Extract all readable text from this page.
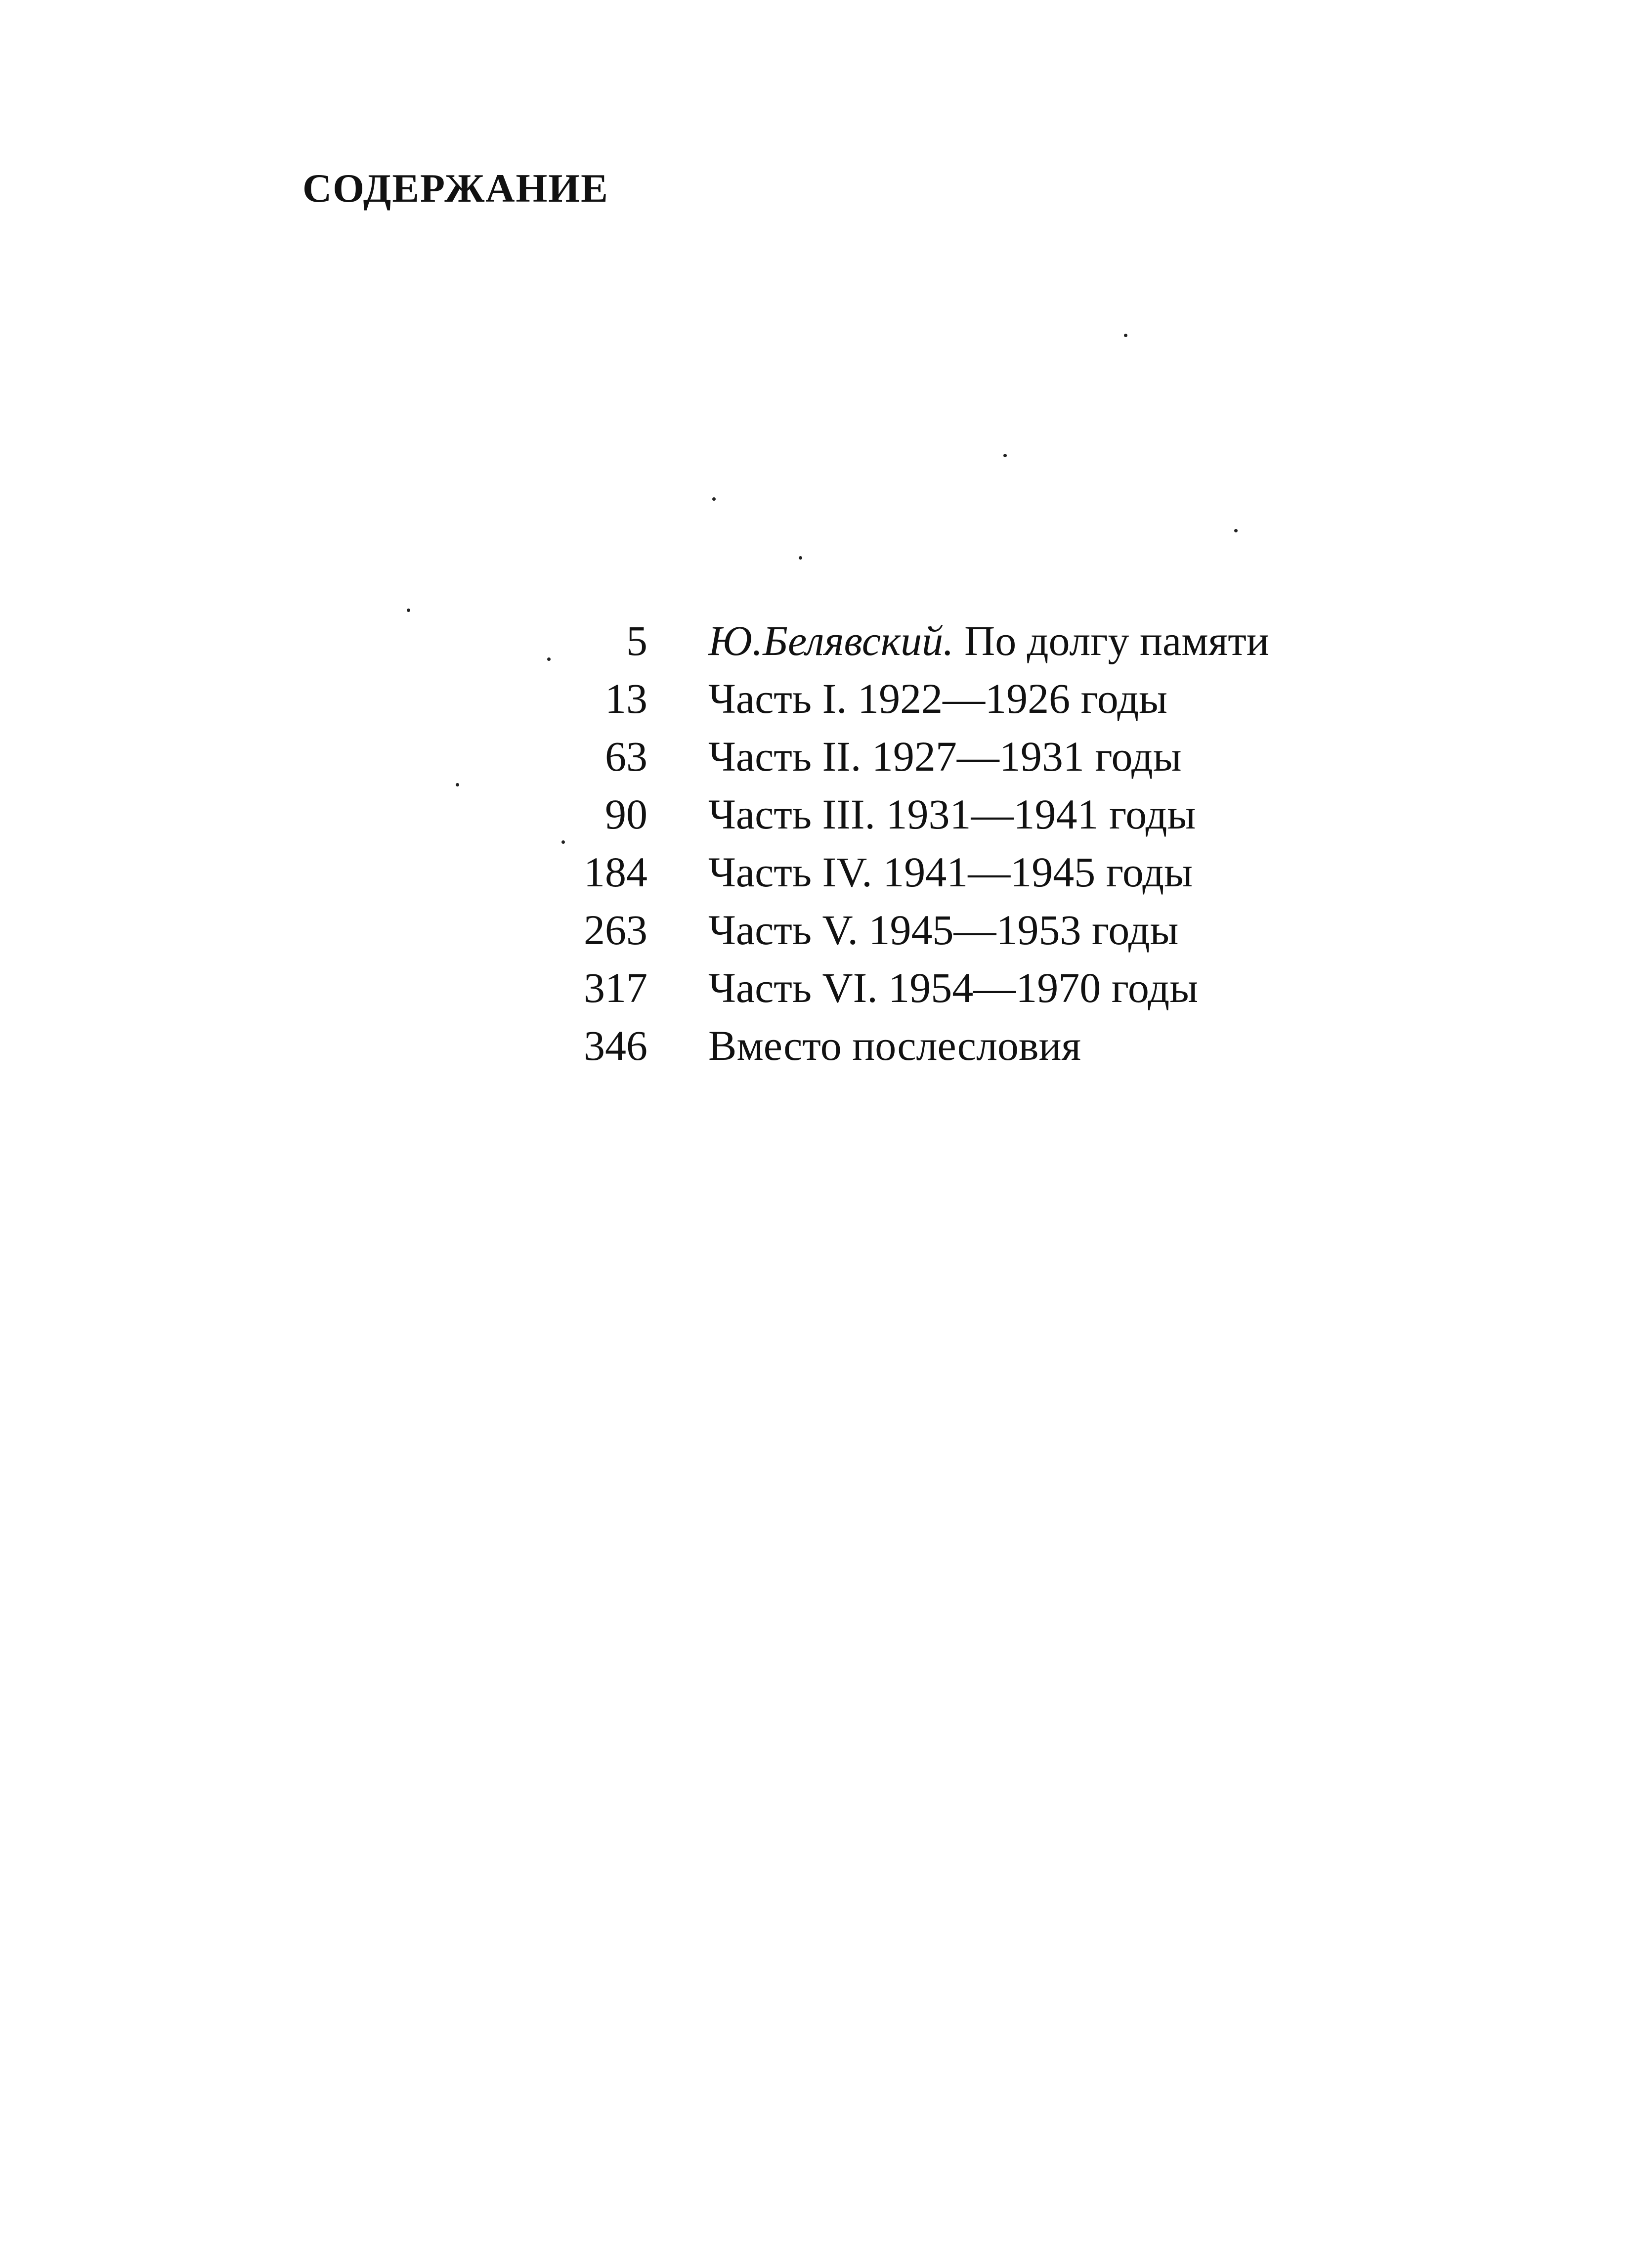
СОДЕРЖАНИЕ
5 Ю.Белявский. По долгу памяти
13 Часть I. 1922—1926 годы
63 Часть II. 1927—1931 годы
90 Часть III. 1931—1941 годы
184 Часть IV. 1941—1945 годы
263 Часть V. 1945—1953 годы
317 Часть VI. 1954—1970 годы
346 Вместо послесловия
